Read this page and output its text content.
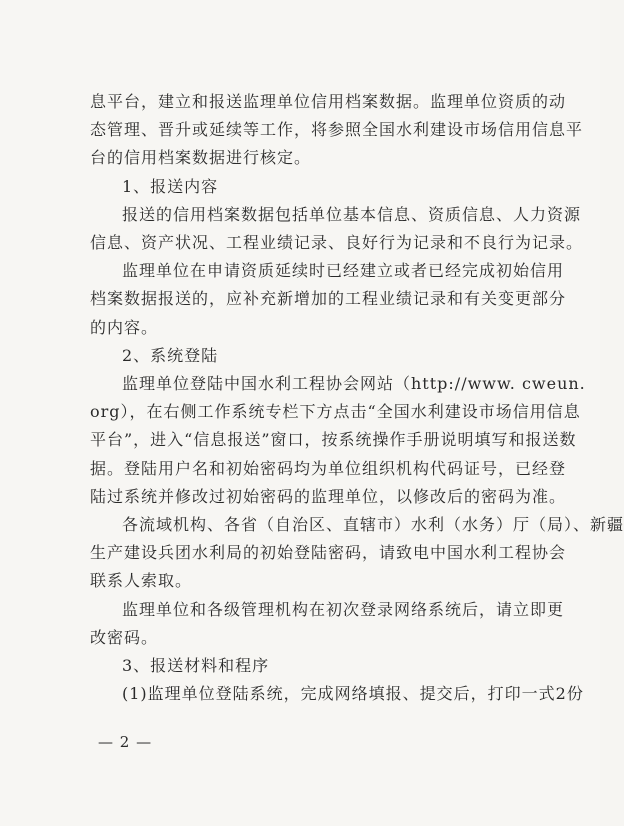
息平台，建立和报送监理单位信用档案数据。监理单位资质的动
态管理、晋升或延续等工作，将参照全国水利建设市场信用信息平
台的信用档案数据进行核定。
1、报送内容
报送的信用档案数据包括单位基本信息、资质信息、人力资源
信息、资产状况、工程业绩记录、良好行为记录和不良行为记录。
监理单位在申请资质延续时已经建立或者已经完成初始信用
档案数据报送的，应补充新增加的工程业绩记录和有关变更部分
的内容。
2、系统登陆
监理单位登陆中国水利工程协会网站（http://www. cweun.
org），在右侧工作系统专栏下方点击“全国水利建设市场信用信息
平台”，进入“信息报送”窗口，按系统操作手册说明填写和报送数
据。登陆用户名和初始密码均为单位组织机构代码证号，已经登
陆过系统并修改过初始密码的监理单位，以修改后的密码为准。
各流域机构、各省（自治区、直辖市）水利（水务）厅（局）、新疆
生产建设兵团水利局的初始登陆密码，请致电中国水利工程协会
联系人索取。
监理单位和各级管理机构在初次登录网络系统后，请立即更
改密码。
3、报送材料和程序
(1)监理单位登陆系统，完成网络填报、提交后，打印一式2份
— 2 —
